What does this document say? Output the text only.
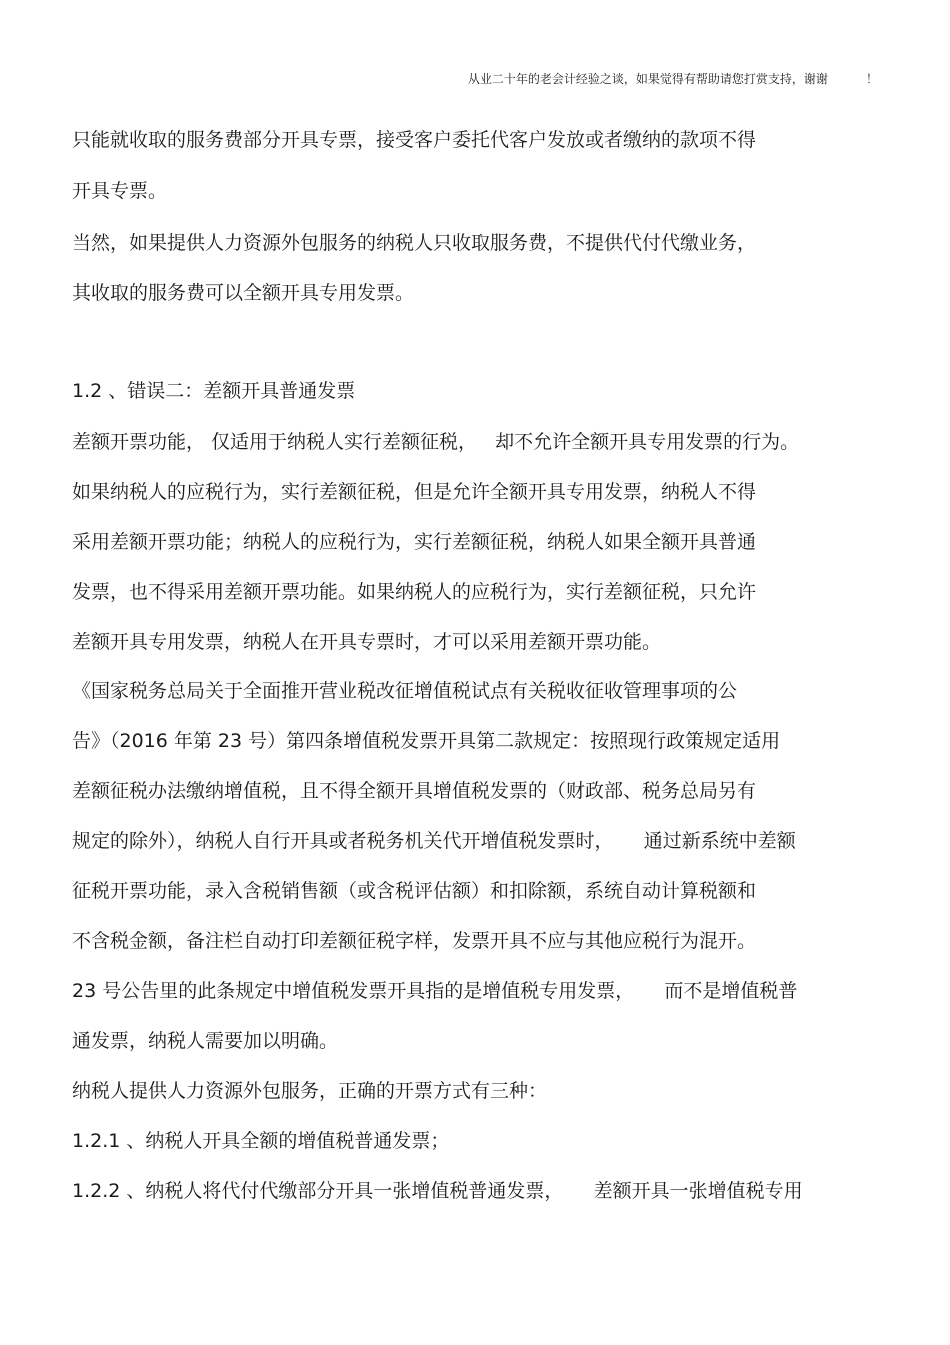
从业二十年的老会计经验之谈，如果觉得有帮助请您打赏支持，谢谢          ！
只能就收取的服务费部分开具专票，接受客户委托代客户发放或者缴纳的款项不得
开具专票。
当然，如果提供人力资源外包服务的纳税人只收取服务费，不提供代付代缴业务，
其收取的服务费可以全额开具专用发票。
1.2 、错误二：差额开具普通发票
差额开票功能， 仅适用于纳税人实行差额征税，   却不允许全额开具专用发票的行为。
如果纳税人的应税行为，实行差额征税，但是允许全额开具专用发票，纳税人不得
采用差额开票功能；纳税人的应税行为，实行差额征税，纳税人如果全额开具普通
发票，也不得采用差额开票功能。如果纳税人的应税行为，实行差额征税，只允许
差额开具专用发票，纳税人在开具专票时，才可以采用差额开票功能。
《国家税务总局关于全面推开营业税改征增值税试点有关税收征收管理事项的公
告》（2016 年第 23 号）第四条增值税发票开具第二款规定：按照现行政策规定适用
差额征税办法缴纳增值税，且不得全额开具增值税发票的（财政部、税务总局另有
规定的除外），纳税人自行开具或者税务机关代开增值税发票时，     通过新系统中差额
征税开票功能，录入含税销售额（或含税评估额）和扣除额，系统自动计算税额和
不含税金额，备注栏自动打印差额征税字样，发票开具不应与其他应税行为混开。
23 号公告里的此条规定中增值税发票开具指的是增值税专用发票，     而不是增值税普
通发票，纳税人需要加以明确。
纳税人提供人力资源外包服务，正确的开票方式有三种：
1.2.1 、纳税人开具全额的增值税普通发票；
1.2.2 、纳税人将代付代缴部分开具一张增值税普通发票，     差额开具一张增值税专用
